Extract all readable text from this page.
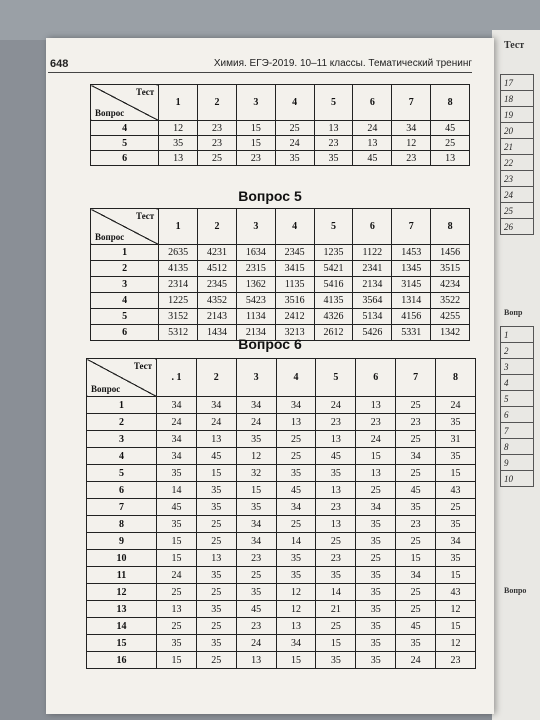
Тест
17
18
19
20
21
22
23
24
25
26
Вопр
1
2
3
4
5
6
7
8
9
10
Вопро
648	Химия. ЕГЭ-2019. 10–11 классы. Тематический тренинг
Тест
Вопрос	1	2	3	4	5	6	7	8
4	12	23	15	25	13	24	34	45
5	35	23	15	24	23	13	12	25
6	13	25	23	35	35	45	23	13
Вопрос 5
Тест
Вопрос	1	2	3	4	5	6	7	8
1	2635	4231	1634	2345	1235	1122	1453	1456
2	4135	4512	2315	3415	5421	2341	1345	3515
3	2314	2345	1362	1135	5416	2134	3145	4234
4	1225	4352	5423	3516	4135	3564	1314	3522
5	3152	2143	1134	2412	4326	5134	4156	4255
6	5312	1434	2134	3213	2612	5426	5331	1342
Вопрос 6
Тест
Вопрос	. 1	2	3	4	5	6	7	8
1	34	34	34	34	24	13	25	24
2	24	24	24	13	23	23	23	35
3	34	13	35	25	13	24	25	31
4	34	45	12	25	45	15	34	35
5	35	15	32	35	35	13	25	15
6	14	35	15	45	13	25	45	43
7	45	35	35	34	23	34	35	25
8	35	25	34	25	13	35	23	35
9	15	25	34	14	25	35	25	34
10	15	13	23	35	23	25	15	35
11	24	35	25	35	35	35	34	15
12	25	25	35	12	14	35	25	43
13	13	35	45	12	21	35	25	12
14	25	25	23	13	25	35	45	15
15	35	35	24	34	15	35	35	12
16	15	25	13	15	35	35	24	23
